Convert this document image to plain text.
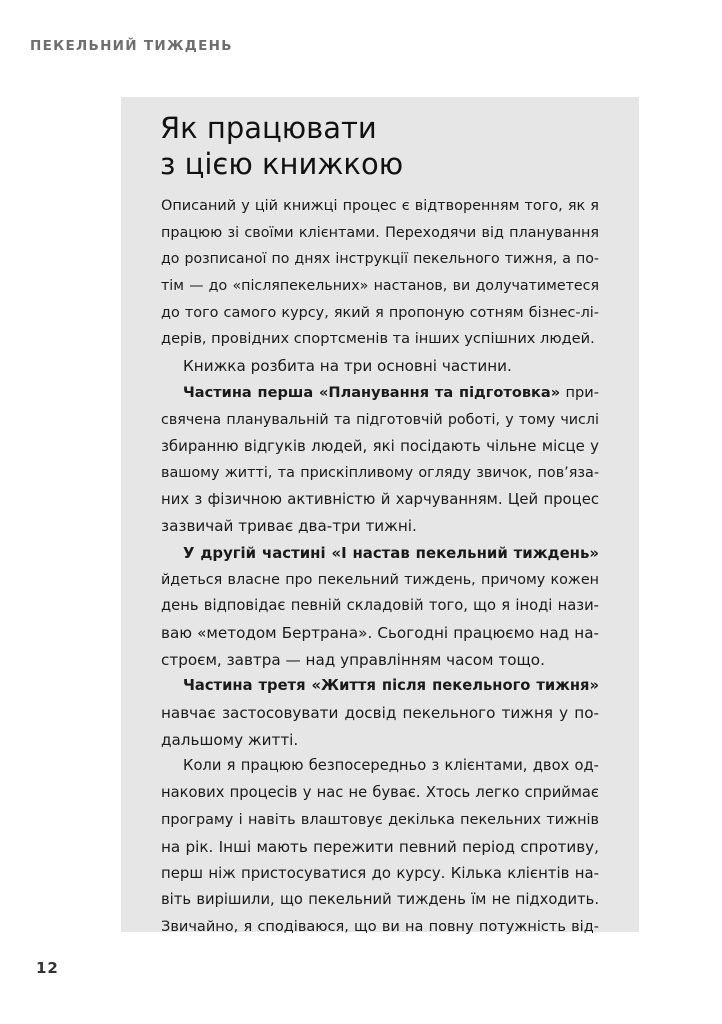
ПЕКЕЛЬНИЙ ТИЖДЕНЬ
Як працювати
з цією книжкою
Описаний у цій книжці процес є відтворенням того, як я
працюю зі своїми клієнтами. Переходячи від планування
до розписаної по днях інструкції пекельного тижня, а по-
тім — до «післяпекельних» настанов, ви долучатиметеся
до того самого курсу, який я пропоную сотням бізнес-лі-
дерів, провідних спортсменів та інших успішних людей.
Книжка розбита на три основні частини.
Частина перша «Планування та підготовка» при-
свячена планувальній та підготовчій роботі, у тому числі
збиранню відгуків людей, які посідають чільне місце у
вашому житті, та прискіпливому огляду звичок, пов’яза-
них з фізичною активністю й харчуванням. Цей процес
зазвичай триває два-три тижні.
У другій частині «І настав пекельний тиждень»
йдеться власне про пекельний тиждень, причому кожен
день відповідає певній складовій того, що я іноді нази-
ваю «методом Бертрана». Сьогодні працюємо над на-
строєм, завтра — над управлінням часом тощо.
Частина третя «Життя після пекельного тижня»
навчає застосовувати досвід пекельного тижня у по-
дальшому житті.
Коли я працюю безпосередньо з клієнтами, двох од-
накових процесів у нас не буває. Хтось легко сприймає
програму і навіть влаштовує декілька пекельних тижнів
на рік. Інші мають пережити певний період спротиву,
перш ніж пристосуватися до курсу. Кілька клієнтів на-
віть вирішили, що пекельний тиждень їм не підходить.
Звичайно, я сподіваюся, що ви на повну потужність від-
12
